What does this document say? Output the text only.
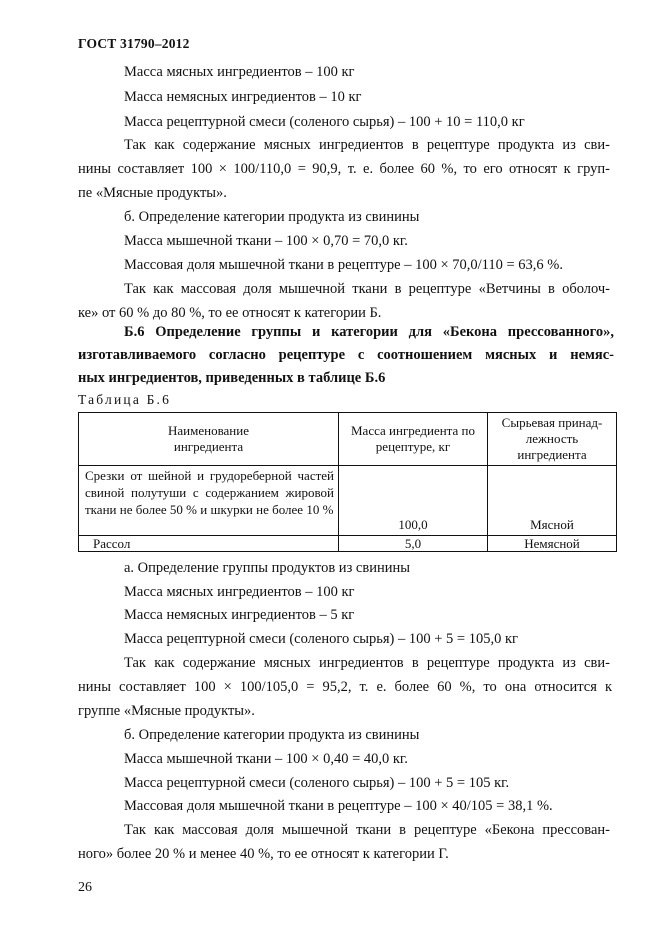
ГОСТ 31790–2012
Масса мясных ингредиентов – 100 кг
Масса немясных ингредиентов – 10 кг
Масса рецептурной смеси (соленого сырья) – 100 + 10 = 110,0 кг
Так как содержание мясных ингредиентов в рецептуре продукта из сви-
нины составляет 100 × 100/110,0 = 90,9, т. е. более 60 %, то его относят к груп-
пе «Мясные продукты».
б. Определение категории продукта из свинины
Масса мышечной ткани – 100 × 0,70 = 70,0 кг.
Массовая доля мышечной ткани в рецептуре – 100 × 70,0/110 = 63,6 %.
Так как массовая доля мышечной ткани в рецептуре «Ветчины в оболоч-
ке» от 60 % до 80 %, то ее относят к категории Б.
Б.6 Определение группы и категории для «Бекона прессованного»,
изготавливаемого согласно рецептуре с соотношением мясных и немяс-
ных ингредиентов, приведенных в таблице Б.6
Таблица Б.6
Наименование ингредиента	Масса ингредиента по рецептуре, кг	Сырьевая принад-лежность ингредиента
Срезки от шейной и грудореберной частей свиной полутуши с содержанием жировой ткани не более 50 % и шкурки не более 10 %	100,0	Мясной
Рассол	5,0	Немясной
а. Определение группы продуктов из свинины
Масса мясных ингредиентов – 100 кг
Масса немясных ингредиентов – 5 кг
Масса рецептурной смеси (соленого сырья) – 100 + 5 = 105,0 кг
Так как содержание мясных ингредиентов в рецептуре продукта из сви-
нины составляет 100 × 100/105,0 = 95,2, т. е. более 60 %, то она относится к
группе «Мясные продукты».
б. Определение категории продукта из свинины
Масса мышечной ткани – 100 × 0,40 = 40,0 кг.
Масса рецептурной смеси (соленого сырья) – 100 + 5 = 105 кг.
Массовая доля мышечной ткани в рецептуре – 100 × 40/105 = 38,1 %.
Так как массовая доля мышечной ткани в рецептуре «Бекона прессован-
ного» более 20 % и менее 40 %, то ее относят к категории Г.
26
